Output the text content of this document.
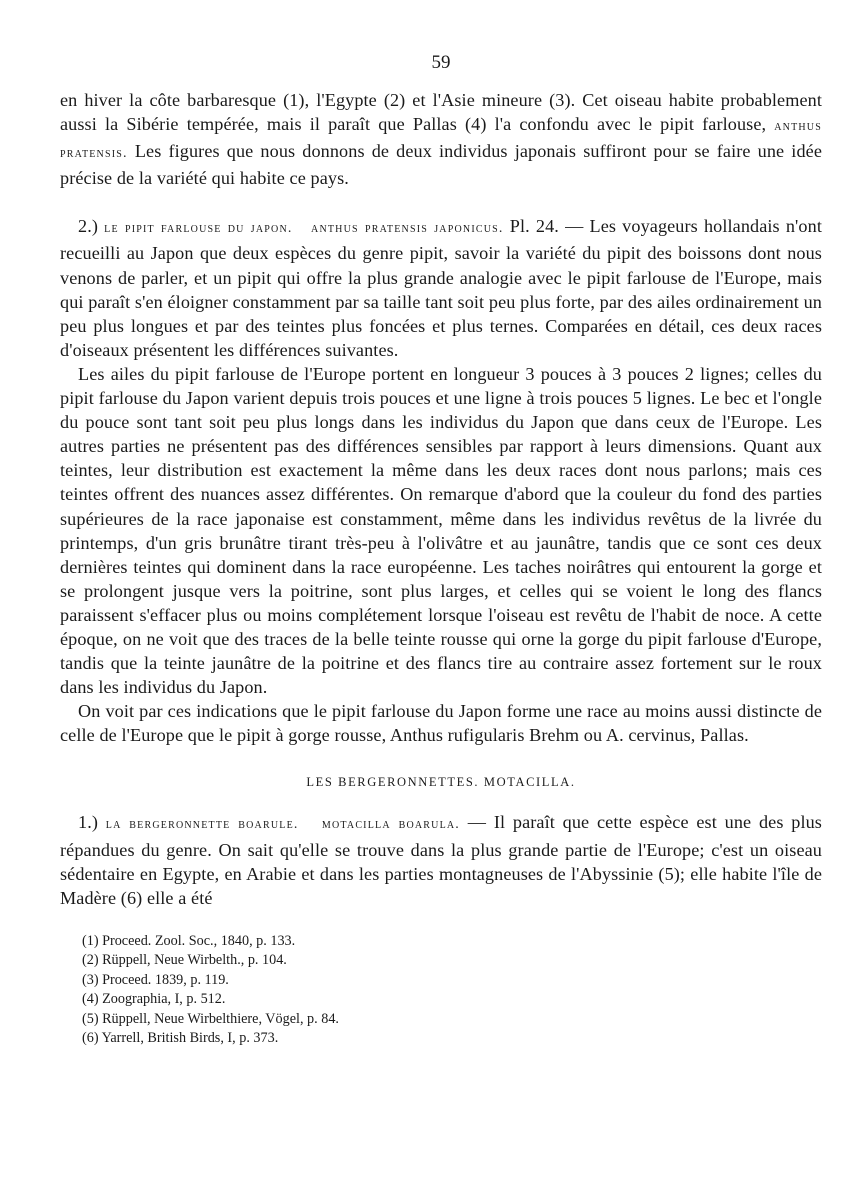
59

en hiver la côte barbaresque (1), l'Egypte (2) et l'Asie mineure (3). Cet oiseau habite probablement aussi la Sibérie tempérée, mais il paraît que Pallas (4) l'a confondu avec le pipit farlouse, anthus pratensis. Les figures que nous donnons de deux individus japonais suffiront pour se faire une idée précise de la variété qui habite ce pays.

2.) le pipit farlouse du japon. anthus pratensis japonicus. Pl. 24. — Les voyageurs hollandais n'ont recueilli au Japon que deux espèces du genre pipit, savoir la variété du pipit des boissons dont nous venons de parler, et un pipit qui offre la plus grande analogie avec le pipit farlouse de l'Europe, mais qui paraît s'en éloigner constamment par sa taille tant soit peu plus forte, par des ailes ordinairement un peu plus longues et par des teintes plus foncées et plus ternes. Comparées en détail, ces deux races d'oiseaux présentent les différences suivantes.

Les ailes du pipit farlouse de l'Europe portent en longueur 3 pouces à 3 pouces 2 lignes; celles du pipit farlouse du Japon varient depuis trois pouces et une ligne à trois pouces 5 lignes. Le bec et l'ongle du pouce sont tant soit peu plus longs dans les individus du Japon que dans ceux de l'Europe. Les autres parties ne présentent pas des différences sensibles par rapport à leurs dimensions. Quant aux teintes, leur distribution est exactement la même dans les deux races dont nous parlons; mais ces teintes offrent des nuances assez différentes. On remarque d'abord que la couleur du fond des parties supérieures de la race japonaise est constamment, même dans les individus revêtus de la livrée du printemps, d'un gris brunâtre tirant très-peu à l'olivâtre et au jaunâtre, tandis que ce sont ces deux dernières teintes qui dominent dans la race européenne. Les taches noirâtres qui entourent la gorge et se prolongent jusque vers la poitrine, sont plus larges, et celles qui se voient le long des flancs paraissent s'effacer plus ou moins complétement lorsque l'oiseau est revêtu de l'habit de noce. A cette époque, on ne voit que des traces de la belle teinte rousse qui orne la gorge du pipit farlouse d'Europe, tandis que la teinte jaunâtre de la poitrine et des flancs tire au contraire assez fortement sur le roux dans les individus du Japon.

On voit par ces indications que le pipit farlouse du Japon forme une race au moins aussi distincte de celle de l'Europe que le pipit à gorge rousse, Anthus rufigularis Brehm ou A. cervinus, Pallas.

LES BERGERONNETTES. MOTACILLA.

1.) la bergeronnette boarule. motacilla boarula. — Il paraît que cette espèce est une des plus répandues du genre. On sait qu'elle se trouve dans la plus grande partie de l'Europe; c'est un oiseau sédentaire en Egypte, en Arabie et dans les parties montagneuses de l'Abyssinie (5); elle habite l'île de Madère (6) elle a été

(1) Proceed. Zool. Soc., 1840, p. 133.
(2) Rüppell, Neue Wirbelth., p. 104.
(3) Proceed. 1839, p. 119.
(4) Zoographia, I, p. 512.
(5) Rüppell, Neue Wirbelthiere, Vögel, p. 84.
(6) Yarrell, British Birds, I, p. 373.
